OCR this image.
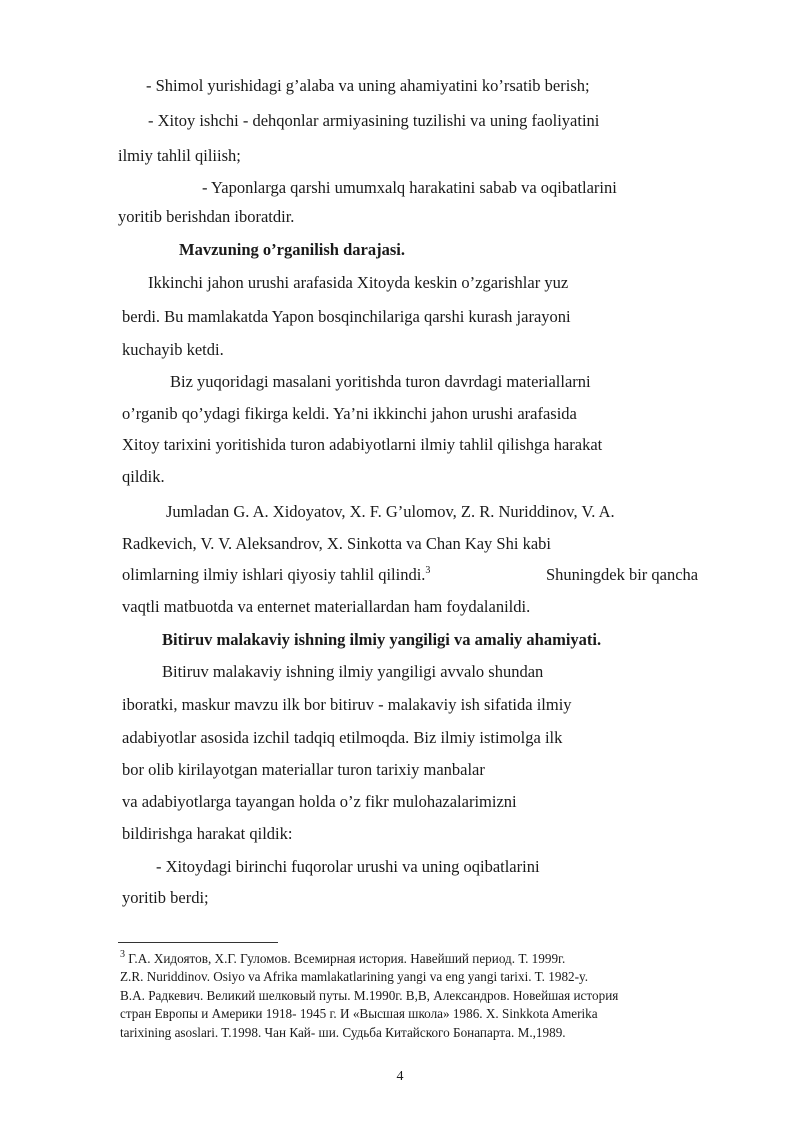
- Shimol yurishidagi g’alaba va uning ahamiyatini ko’rsatib berish;
- Xitoy ishchi - dehqonlar armiyasining tuzilishi va uning faoliyatini
ilmiy tahlil qiliish;
- Yaponlarga qarshi umumxalq harakatini sabab va oqibatlarini
yoritib berishdan iboratdir.
Mavzuning o’rganilish darajasi.
Ikkinchi jahon urushi arafasida Xitoyda keskin o’zgarishlar yuz
berdi. Bu mamlakatda Yapon bosqinchilariga qarshi kurash jarayoni
kuchayib ketdi.
Biz yuqoridagi masalani yoritishda turon davrdagi materiallarni
o’rganib qo’ydagi fikirga keldi. Ya’ni ikkinchi jahon urushi arafasida
Xitoy tarixini yoritishida turon adabiyotlarni ilmiy tahlil qilishga harakat
qildik.
Jumladan G. A. Xidoyatov, X. F. G’ulomov, Z. R. Nuriddinov, V. A.
Radkevich, V. V. Aleksandrov, X. Sinkotta va Chan Kay Shi kabi
olimlarning ilmiy ishlari qiyosiy tahlil qilindi.$^3$	Shuningdek bir qancha
vaqtli matbuotda va enternet materiallardan ham foydalanildi.
Bitiruv malakaviy ishning ilmiy yangiligi va amaliy ahamiyati.
Bitiruv malakaviy ishning ilmiy yangiligi avvalo shundan
iboratki, maskur mavzu ilk bor bitiruv - malakaviy ish sifatida ilmiy
adabiyotlar asosida izchil tadqiq etilmoqda. Biz ilmiy istimolga ilk
bor olib kirilayotgan materiallar turon tarixiy manbalar
va adabiyotlarga tayangan holda o’z fikr mulohazalarimizni
bildirishga harakat qildik:
- Xitoydagi birinchi fuqorolar urushi va uning oqibatlarini
yoritib berdi;
$^3$ Г.А. Хидоятов, Х.Г. Гуломов. Всемирная история. Навейший период. Т. 1999г.
Z.R. Nuriddinov. Osiyo va Afrika mamlakatlarining yangi va eng yangi tarixi. T. 1982-y.
В.А. Радкевич. Великий шелковый путы. М.1990г. В,В, Александров. Новейшая история
стран Европы и Америки 1918- 1945 г. И «Высшая школа» 1986. X. Sinkkota Amerika
tarixining asoslari. T.1998. Чан Кай- ши. Судьба Китайского Бонапарта. М.,1989.
4
